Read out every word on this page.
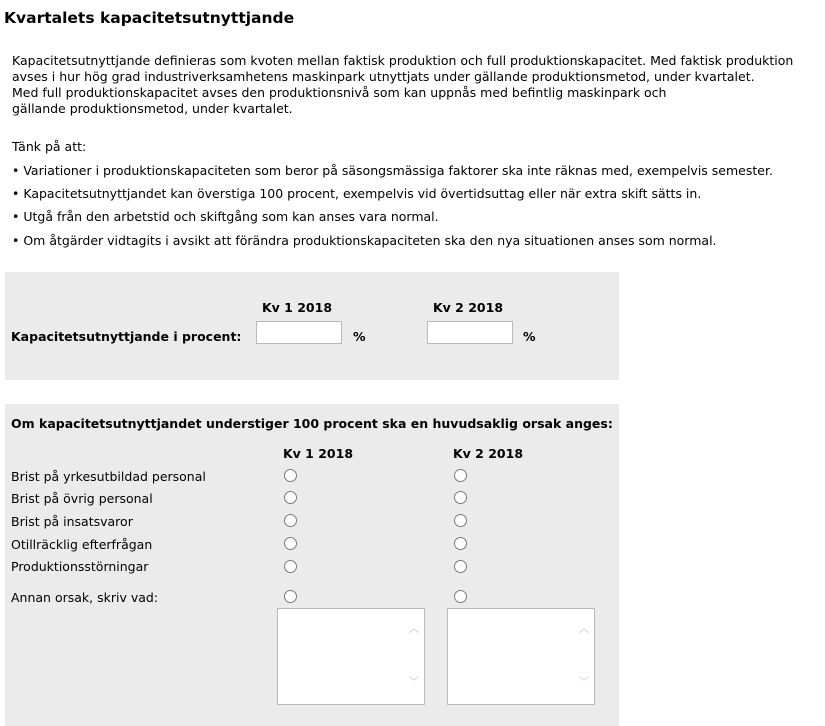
Kvartalets kapacitetsutnyttjande
Kapacitetsutnyttjande definieras som kvoten mellan faktisk produktion och full produktionskapacitet. Med faktisk produktion
avses i hur hög grad industriverksamhetens maskinpark utnyttjats under gällande produktionsmetod, under kvartalet.
Med full produktionskapacitet avses den produktionsnivå som kan uppnås med befintlig maskinpark och
gällande produktionsmetod, under kvartalet.
Tänk på att:
• Variationer i produktionskapaciteten som beror på säsongsmässiga faktorer ska inte räknas med, exempelvis semester.
• Kapacitetsutnyttjandet kan överstiga 100 procent, exempelvis vid övertidsuttag eller när extra skift sätts in.
• Utgå från den arbetstid och skiftgång som kan anses vara normal.
• Om åtgärder vidtagits i avsikt att förändra produktionskapaciteten ska den nya situationen anses som normal.
Kv 1 2018	Kv 2 2018
Kapacitetsutnyttjande i procent:	%	%
Om kapacitetsutnyttjandet understiger 100 procent ska en huvudsaklig orsak anges:
Kv 1 2018	Kv 2 2018
Brist på yrkesutbildad personal
Brist på övrig personal
Brist på insatsvaror
Otillräcklig efterfrågan
Produktionsstörningar
Annan orsak, skriv vad:
︿
﹀
︿
﹀
